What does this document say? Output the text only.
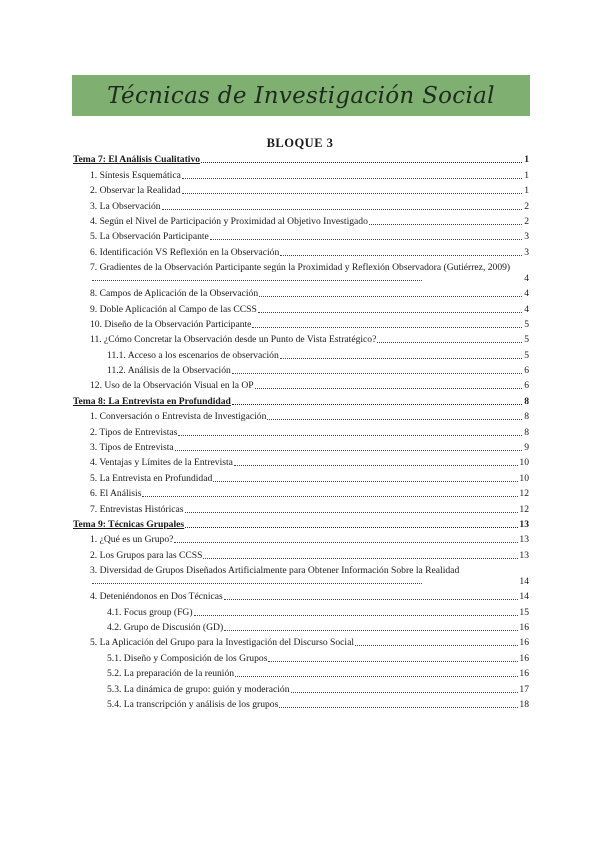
Técnicas de Investigación Social
BLOQUE 3
Tema 7: El Análisis Cualitativo	1
1. Síntesis Esquemática	1
2. Observar la Realidad	1
3. La Observación	2
4. Según el Nivel de Participación y Proximidad al Objetivo Investigado	2
5. La Observación Participante	3
6. Identificación VS Reflexión en la Observación	3
7. Gradientes de la Observación Participante según la Proximidad y Reflexión Observadora (Gutiérrez, 2009)
4
8. Campos de Aplicación de la Observación	4
9. Doble Aplicación al Campo de las CCSS	4
10. Diseño de la Observación Participante	5
11. ¿Cómo Concretar la Observación desde un Punto de Vista Estratégico?	5
11.1. Acceso a los escenarios de observación	5
11.2. Análisis de la Observación	6
12. Uso de la Observación Visual en la OP	6
Tema 8: La Entrevista en Profundidad	8
1. Conversación o Entrevista de Investigación	8
2. Tipos de Entrevistas	8
3. Tipos de Entrevista	9
4. Ventajas y Límites de la Entrevista	10
5. La Entrevista en Profundidad	10
6. El Análisis	12
7. Entrevistas Históricas	12
Tema 9: Técnicas Grupales	13
1. ¿Qué es un Grupo?	13
2. Los Grupos para las CCSS	13
3. Diversidad de Grupos Diseñados Artificialmente para Obtener Información Sobre la Realidad
14
4. Deteniéndonos en Dos Técnicas	14
4.1. Focus group (FG)	15
4.2. Grupo de Discusión (GD)	16
5. La Aplicación del Grupo para la Investigación del Discurso Social	16
5.1. Diseño y Composición de los Grupos	16
5.2. La preparación de la reunión	16
5.3. La dinámica de grupo: guión y moderación	17
5.4. La transcripción y análisis de los grupos	18
